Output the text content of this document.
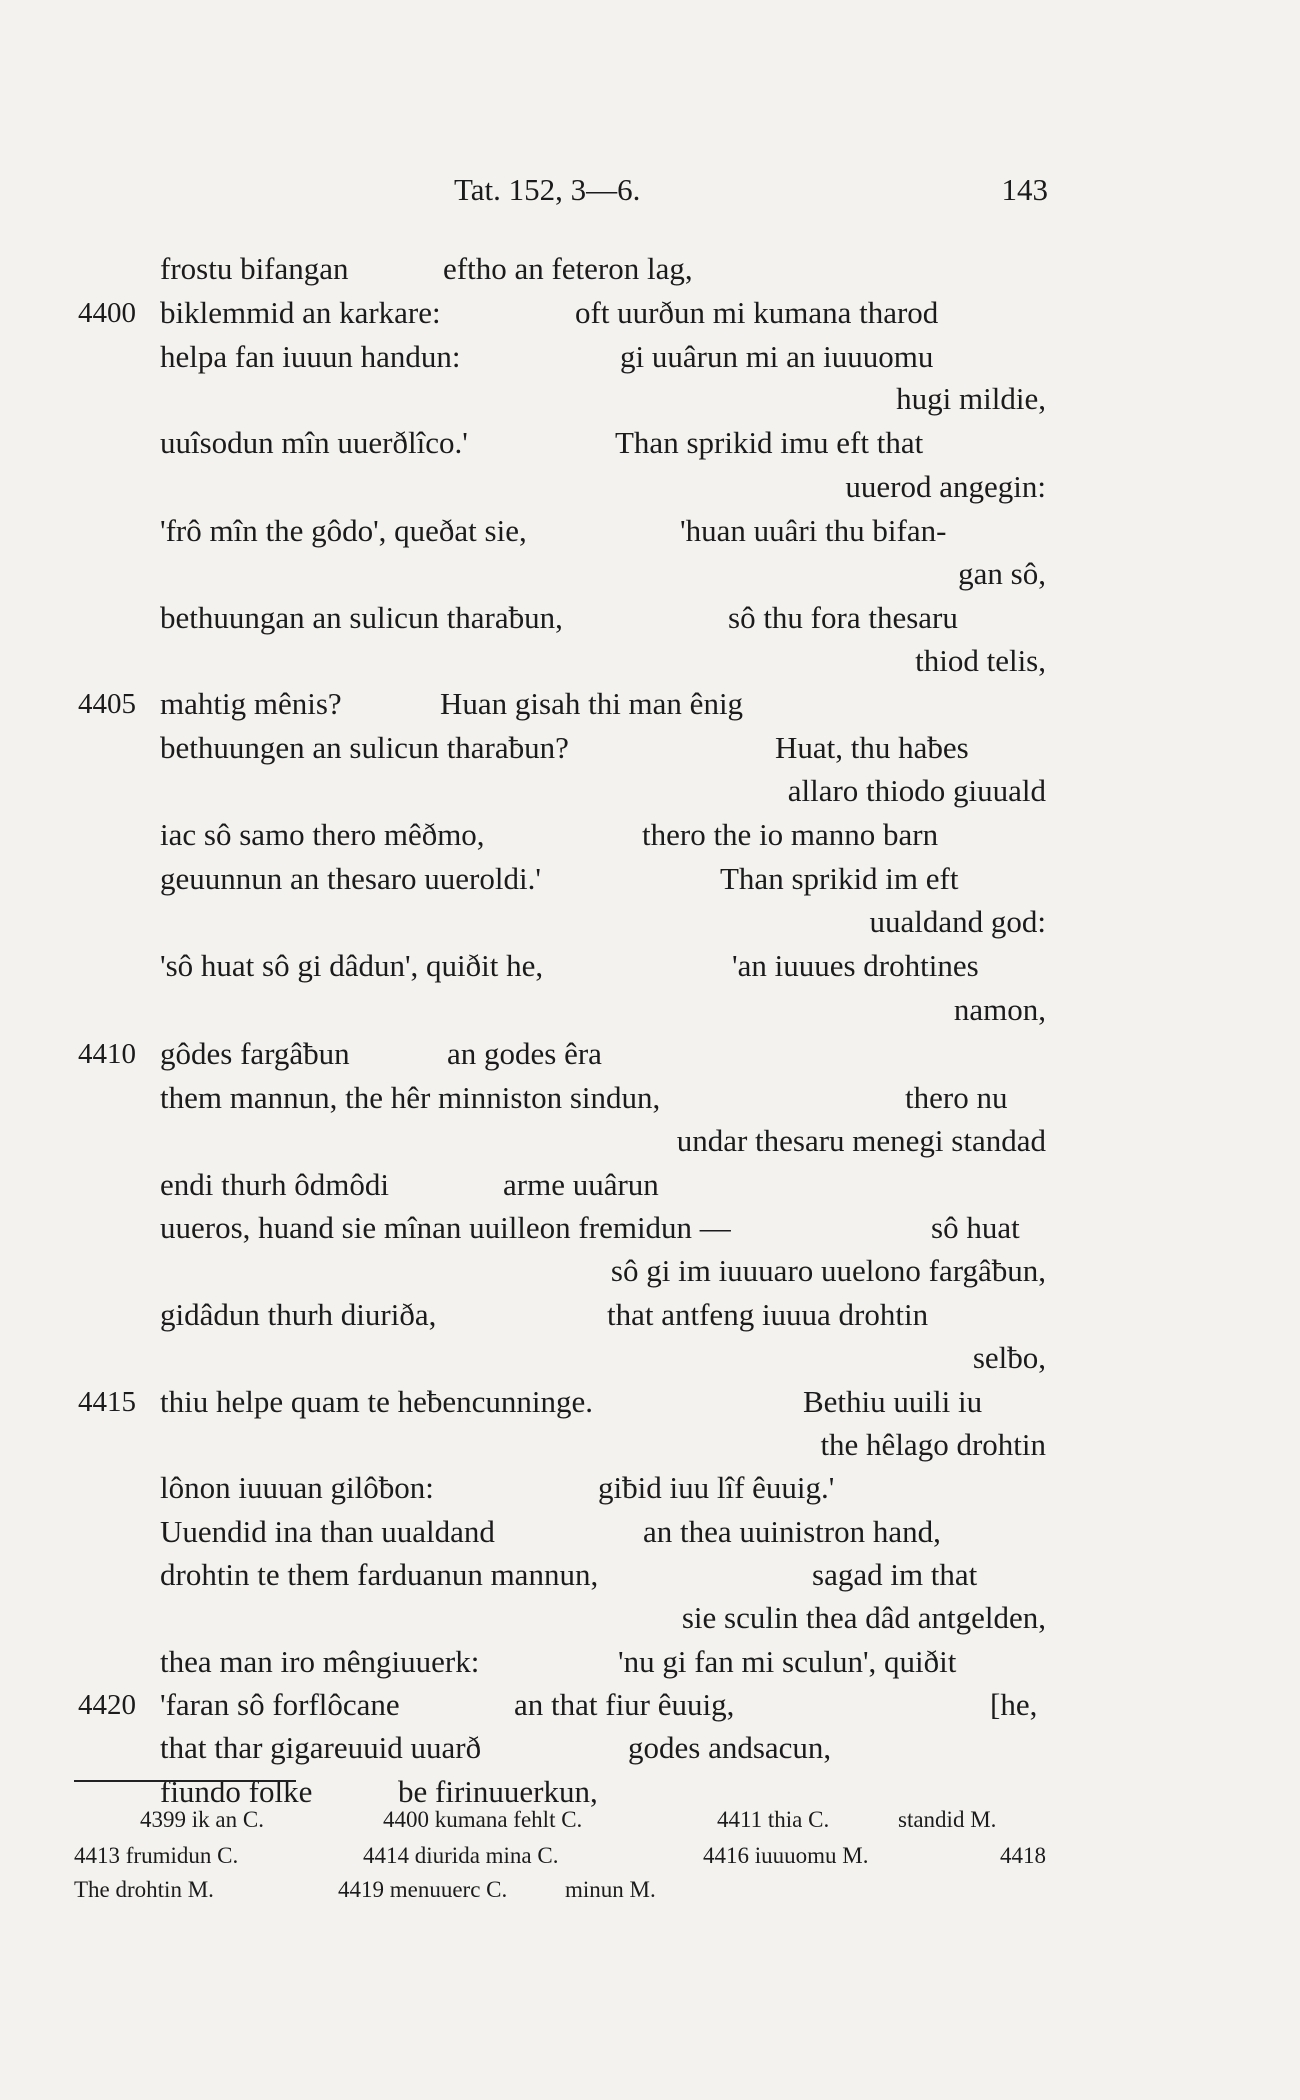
Tat. 152, 3—6.	143
frostu bifangan	eftho an feteron lag,
4400 biklemmid an karkare:	oft uurðun mi kumana tharod
helpa fan iuuun handun:	gi uuârun mi an iuuuomu
hugi mildie,
uuîsodun mîn uuerðlîco.'	Than sprikid imu eft that
uuerod angegin:
'frô mîn the gôdo', queðat sie,	'huan uuâri thu bifan-
gan sô,
bethuungan an sulicun tharaƀun,	sô thu fora thesaru
thiod telis,
4405 mahtig mênis?	Huan gisah thi man ênig
bethuungen an sulicun tharaƀun?	Huat, thu haƀes
allaro thiodo giuuald
iac sô samo thero mêðmo,	thero the io manno barn
geuunnun an thesaro uueroldi.'	Than sprikid im eft
uualdand god:
'sô huat sô gi dâdun', quiðit he,	'an iuuues drohtines
namon,
4410 gôdes fargâƀun	an godes êra
them mannun, the hêr minniston sindun,	thero nu
undar thesaru menegi standad
endi thurh ôdmôdi	arme uuârun
uueros, huand sie mînan uuilleon fremidun —	sô huat
sô gi im iuuuaro uuelono fargâƀun,
gidâdun thurh diuriða,	that antfeng iuuua drohtin
selƀo,
4415 thiu helpe quam te heƀencunninge.	Bethiu uuili iu
the hêlago drohtin
lônon iuuuan gilôƀon:	giƀid iuu lîf êuuig.'
Uuendid ina than uualdand	an thea uuinistron hand,
drohtin te them farduanun mannun,	sagad im that
sie sculin thea dâd antgelden,
thea man iro mêngiuuerk:	'nu gi fan mi sculun', quiðit
4420 'faran sô forflôcane	an that fiur êuuig,	[he,
that thar gigareuuid uuarð	godes andsacun,
fiundo folke	be firinuuerkun,
4399 ik an C.	4400 kumana fehlt C.	4411 thia C.	standid M.
4413 frumidun C.	4414 diurida mina C.	4416 iuuuomu M.	4418
The drohtin M.	4419 menuuerc C.	minun M.
